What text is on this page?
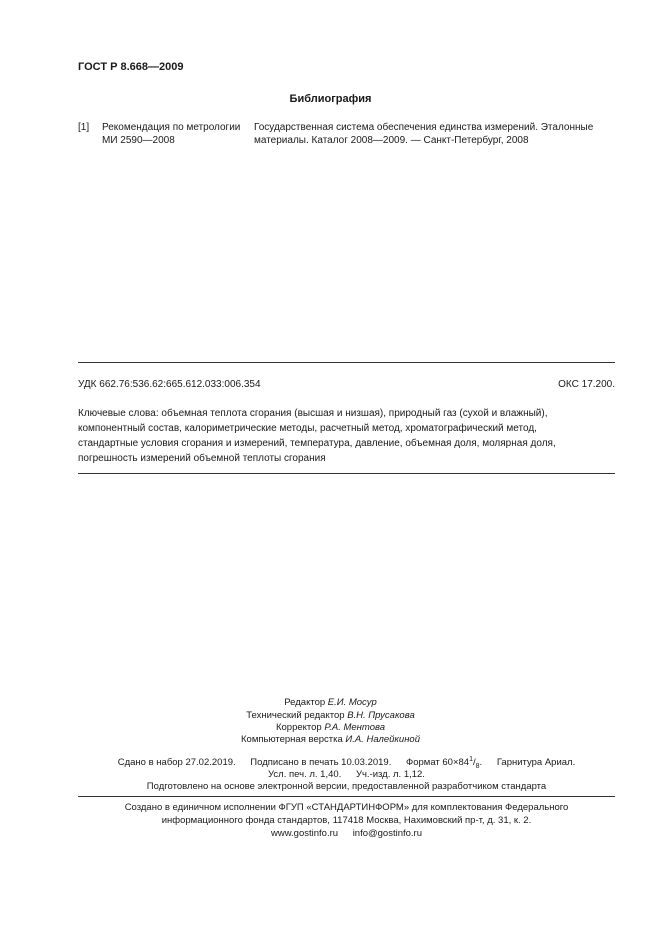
ГОСТ Р 8.668—2009
Библиография
[1] Рекомендация по метрологии
МИ 2590—2008
Государственная система обеспечения единства измерений. Эталонные
материалы. Каталог 2008—2009. — Санкт-Петербург, 2008
УДК 662.76:536.62:665.612.033:006.354	ОКС 17.200.
Ключевые слова: объемная теплота сгорания (высшая и низшая), природный газ (сухой и влажный),
компонентный состав, калориметрические методы, расчетный метод, хроматографический метод,
стандартные условия сгорания и измерений, температура, давление, объемная доля, молярная доля,
погрешность измерений объемной теплоты сгорания
Редактор Е.И. Мосур
Технический редактор В.Н. Прусакова
Корректор Р.А. Ментова
Компьютерная верстка И.А. Налейкиной
Сдано в набор 27.02.2019. Подписано в печать 10.03.2019. Формат $60\times 84^1/_8$. Гарнитура Ариал.
Усл. печ. л. 1,40. Уч.-изд. л. 1,12.
Подготовлено на основе электронной версии, предоставленной разработчиком стандарта
Создано в единичном исполнении ФГУП «СТАНДАРТИНФОРМ» для комплектования Федерального
информационного фонда стандартов, 117418 Москва, Нахимовский пр-т, д. 31, к. 2.
www.gostinfo.ru info@gostinfo.ru
